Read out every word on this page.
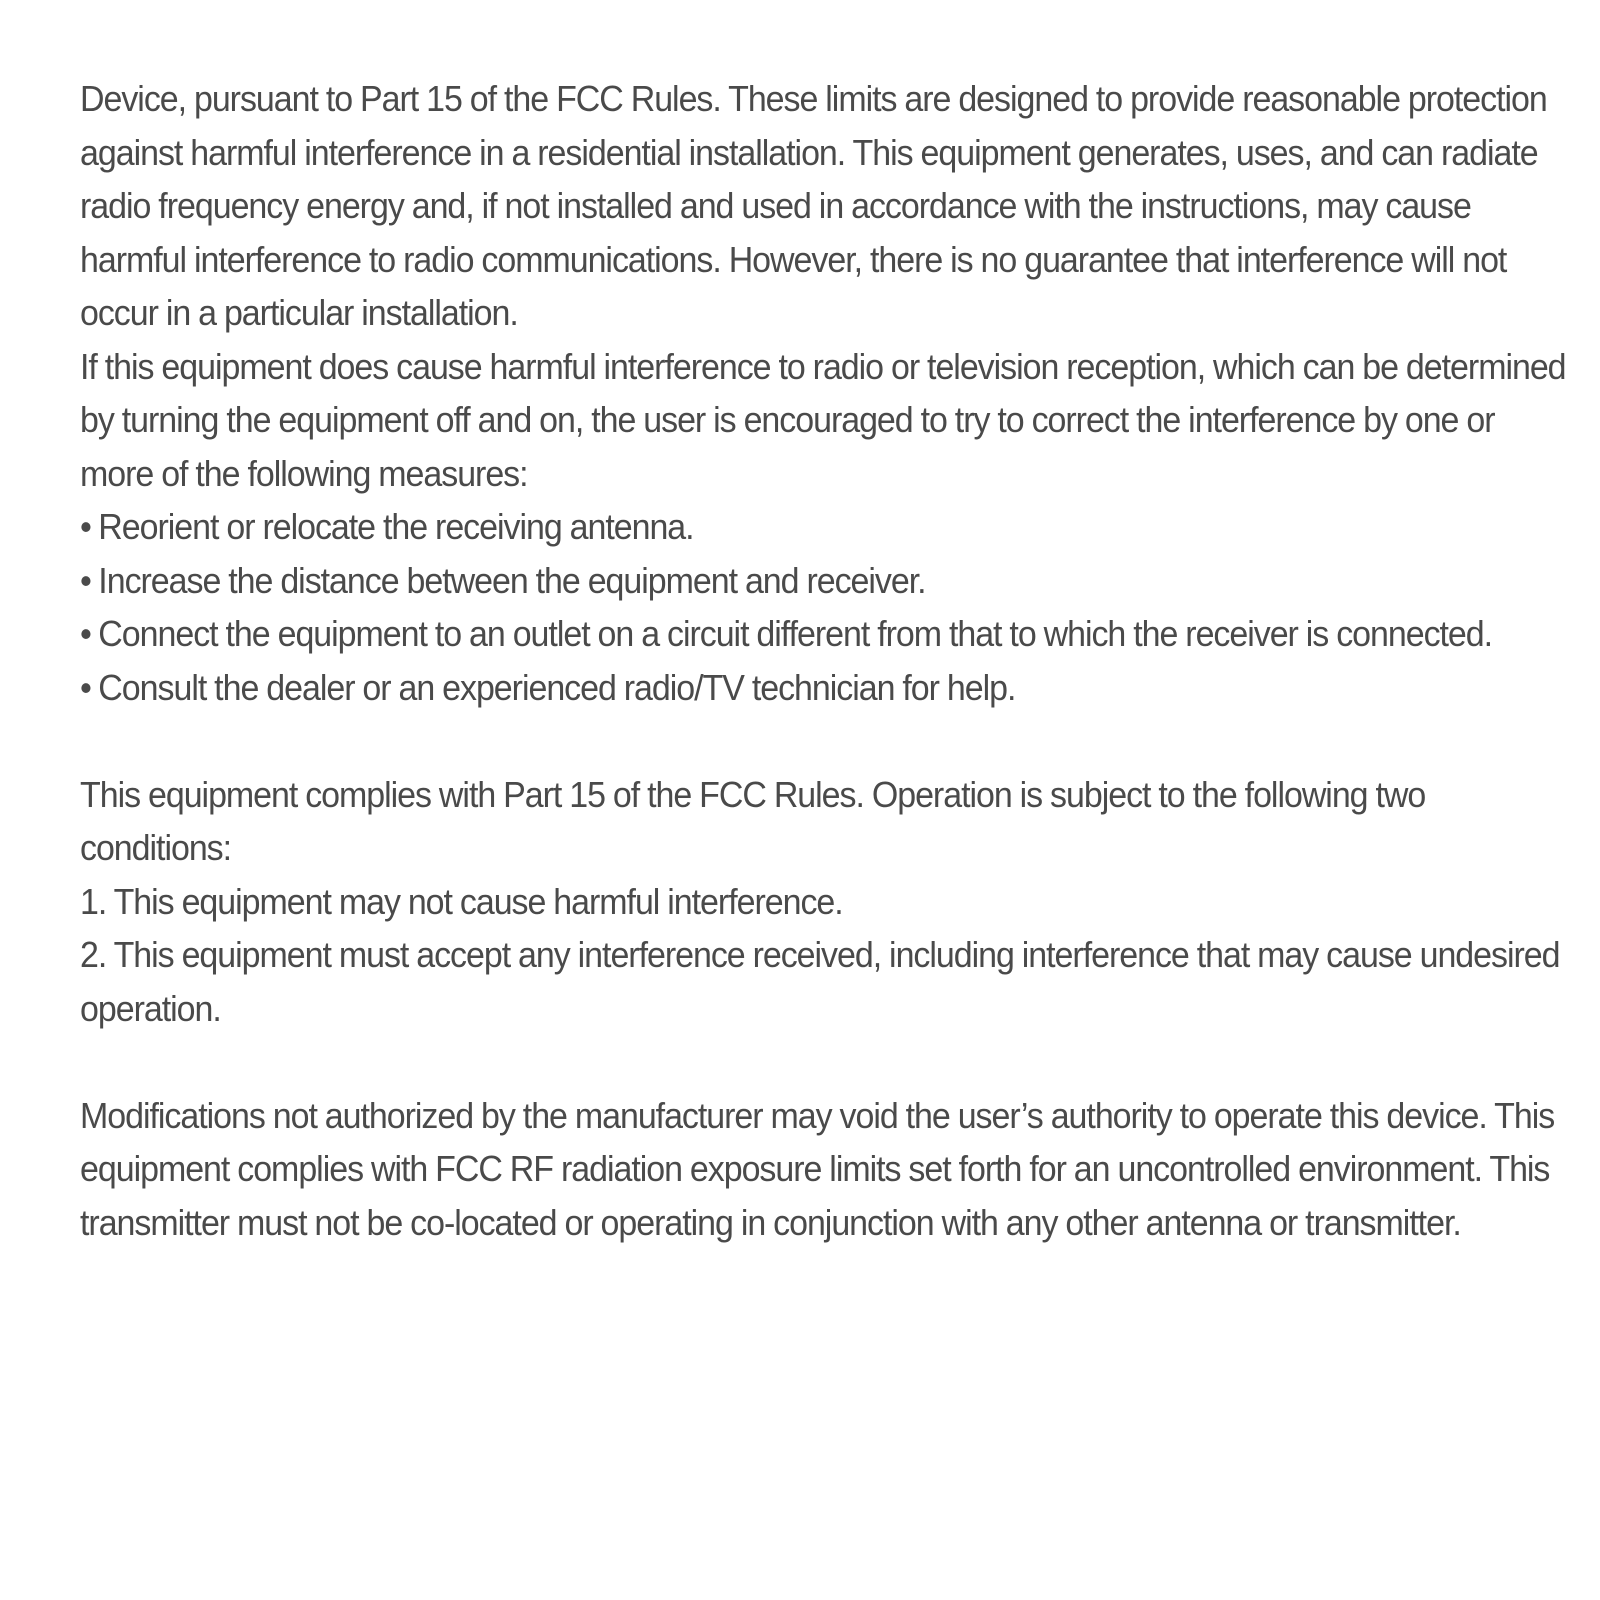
Device, pursuant to Part 15 of the FCC Rules. These limits are designed to provide reasonable protection against harmful interference in a residential installation. This equipment generates, uses, and can radiate radio frequency energy and, if not installed and used in accordance with the instructions, may cause harmful interference to radio communications. However, there is no guarantee that interference will not occur in a particular installation.

If this equipment does cause harmful interference to radio or television reception, which can be determined by turning the equipment off and on, the user is encouraged to try to correct the interference by one or more of the following measures:

• Reorient or relocate the receiving antenna.

• Increase the distance between the equipment and receiver.

• Connect the equipment to an outlet on a circuit different from that to which the receiver is connected.

• Consult the dealer or an experienced radio/TV technician for help.

This equipment complies with Part 15 of the FCC Rules. Operation is subject to the following two conditions:

1. This equipment may not cause harmful interference.

2. This equipment must accept any interference received, including interference that may cause undesired operation.

Modifications not authorized by the manufacturer may void the user’s authority to operate this device. This equipment complies with FCC RF radiation exposure limits set forth for an uncontrolled environment. This transmitter must not be co-located or operating in conjunction with any other antenna or transmitter.
